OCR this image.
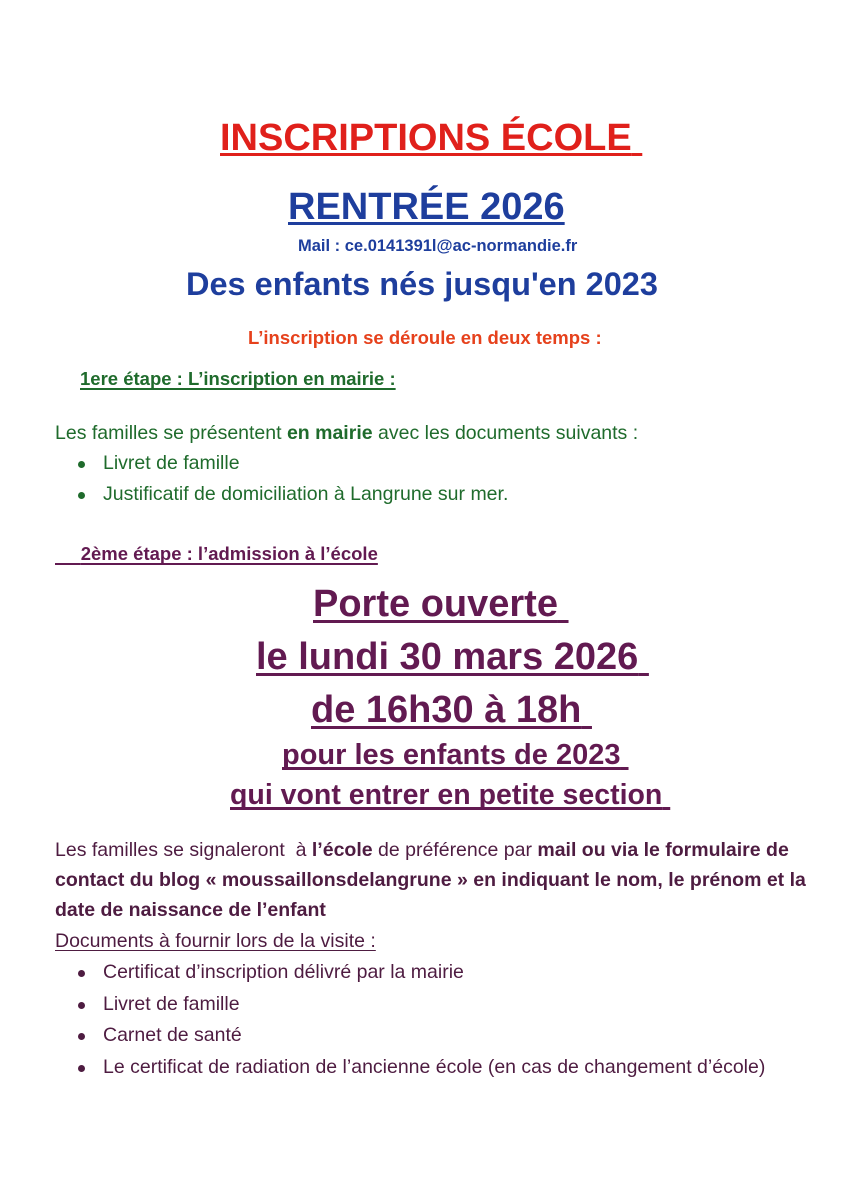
INSCRIPTIONS ÉCOLE
RENTRÉE 2026
Mail : ce.0141391l@ac-normandie.fr
Des enfants nés jusqu'en 2023
L’inscription se déroule en deux temps :
1ere étape : L’inscription en mairie :
Les familles se présentent en mairie avec les documents suivants :
Livret de famille
Justificatif de domiciliation à Langrune sur mer.
2ème étape : l’admission à l’école
Porte ouverte
le lundi 30 mars 2026
de 16h30 à 18h
pour les enfants de 2023
qui vont entrer en petite section
Les familles se signaleront  à l’école de préférence par mail ou via le formulaire de
contact du blog « moussaillonsdelangrune » en indiquant le nom, le prénom et la
date de naissance de l’enfant
Documents à fournir lors de la visite :
Certificat d’inscription délivré par la mairie
Livret de famille
Carnet de santé
Le certificat de radiation de l’ancienne école (en cas de changement d’école)
